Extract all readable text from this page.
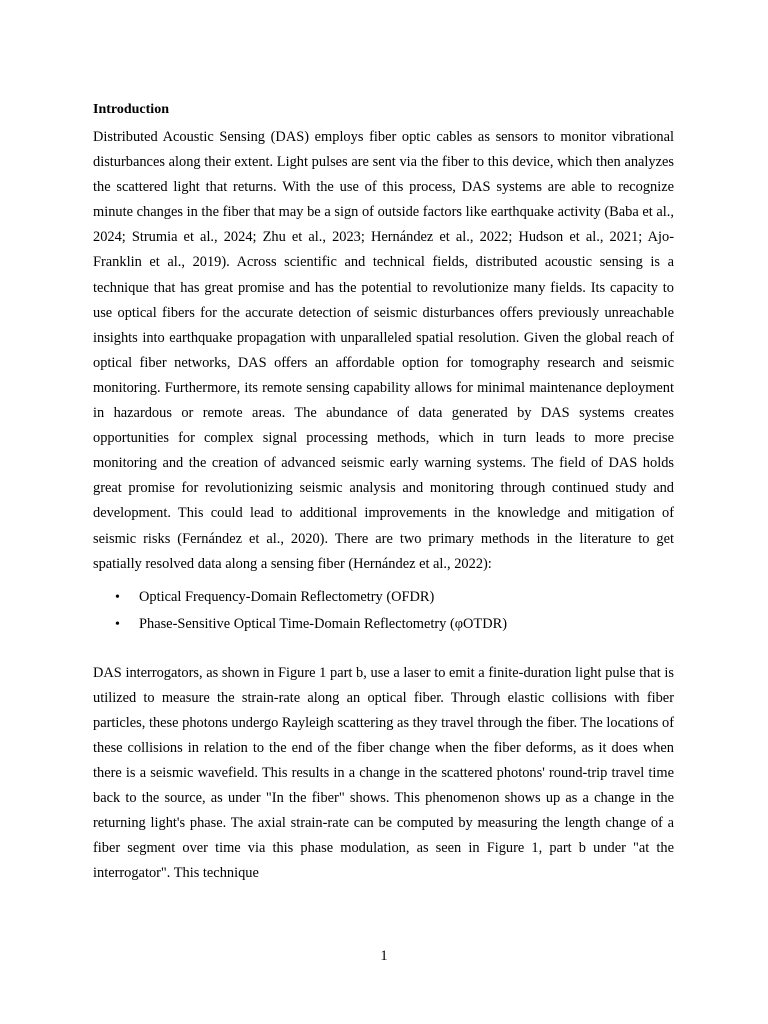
Introduction

Distributed Acoustic Sensing (DAS) employs fiber optic cables as sensors to monitor vibrational disturbances along their extent. Light pulses are sent via the fiber to this device, which then analyzes the scattered light that returns. With the use of this process, DAS systems are able to recognize minute changes in the fiber that may be a sign of outside factors like earthquake activity (Baba et al., 2024; Strumia et al., 2024; Zhu et al., 2023; Hernández et al., 2022; Hudson et al., 2021; Ajo-Franklin et al., 2019). Across scientific and technical fields, distributed acoustic sensing is a technique that has great promise and has the potential to revolutionize many fields. Its capacity to use optical fibers for the accurate detection of seismic disturbances offers previously unreachable insights into earthquake propagation with unparalleled spatial resolution. Given the global reach of optical fiber networks, DAS offers an affordable option for tomography research and seismic monitoring. Furthermore, its remote sensing capability allows for minimal maintenance deployment in hazardous or remote areas. The abundance of data generated by DAS systems creates opportunities for complex signal processing methods, which in turn leads to more precise monitoring and the creation of advanced seismic early warning systems. The field of DAS holds great promise for revolutionizing seismic analysis and monitoring through continued study and development. This could lead to additional improvements in the knowledge and mitigation of seismic risks (Fernández et al., 2020). There are two primary methods in the literature to get spatially resolved data along a sensing fiber (Hernández et al., 2022):

• Optical Frequency-Domain Reflectometry (OFDR)
• Phase-Sensitive Optical Time-Domain Reflectometry (φOTDR)

DAS interrogators, as shown in Figure 1 part b, use a laser to emit a finite-duration light pulse that is utilized to measure the strain-rate along an optical fiber. Through elastic collisions with fiber particles, these photons undergo Rayleigh scattering as they travel through the fiber. The locations of these collisions in relation to the end of the fiber change when the fiber deforms, as it does when there is a seismic wavefield. This results in a change in the scattered photons' round-trip travel time back to the source, as under "In the fiber" shows. This phenomenon shows up as a change in the returning light's phase. The axial strain-rate can be computed by measuring the length change of a fiber segment over time via this phase modulation, as seen in Figure 1, part b under "at the interrogator". This technique

1
